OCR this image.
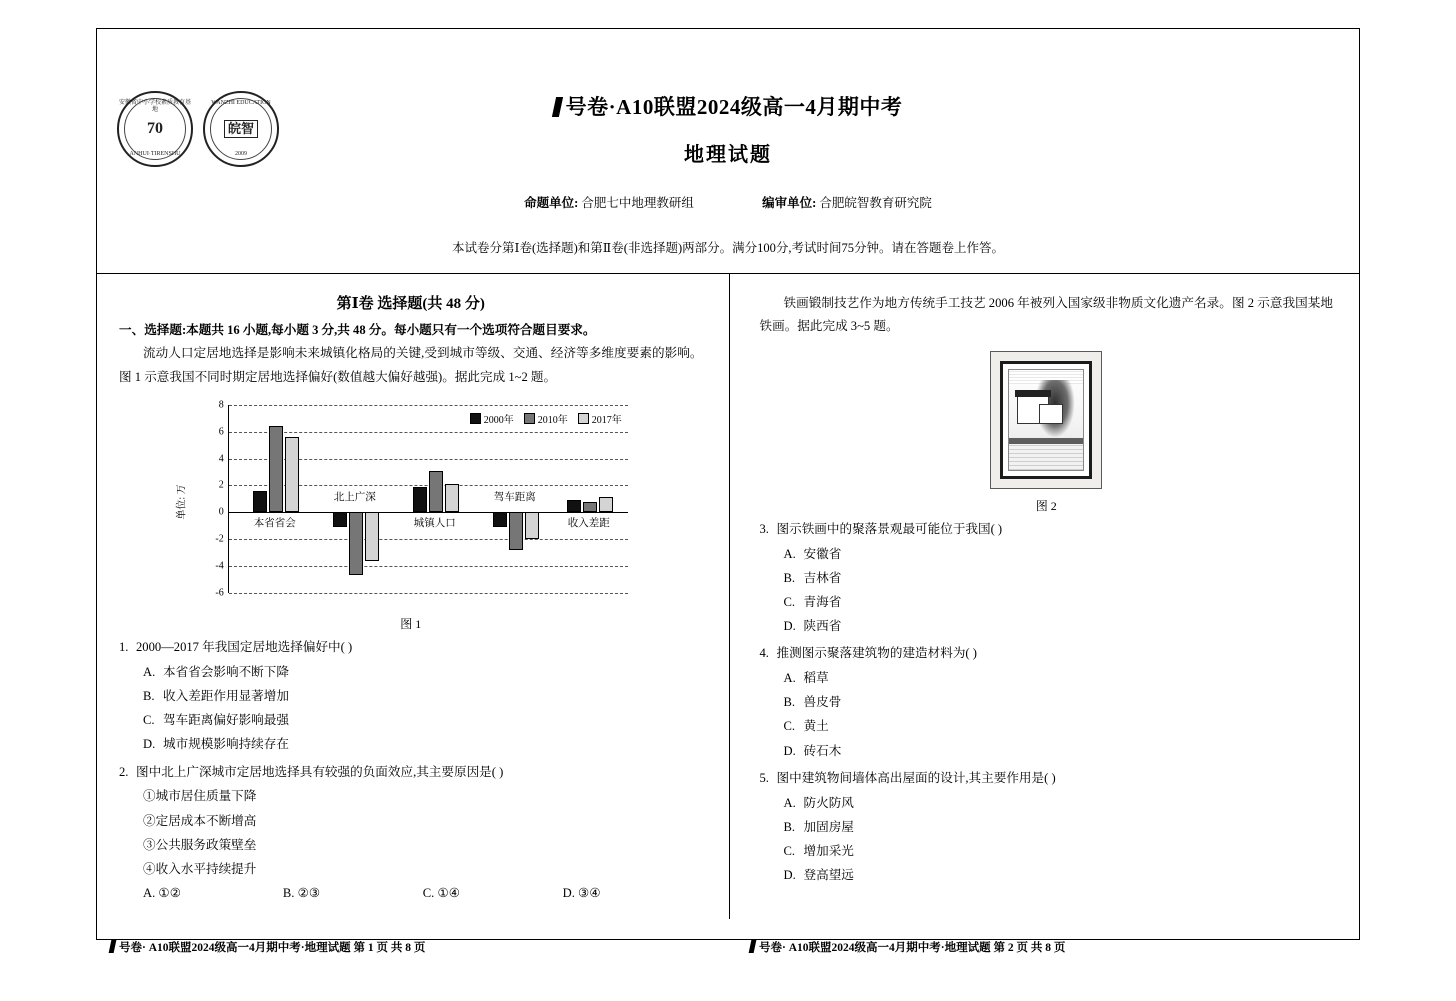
安徽省中小学校素质教育基地
70
ANHUI·TIRENSHU
WANZHI EDUCATION
皖智
2009
号卷·A10联盟2024级高一4月期中考
地理试题
命题单位: 合肥七中地理教研组	编审单位: 合肥皖智教育研究院
本试卷分第Ⅰ卷(选择题)和第Ⅱ卷(非选择题)两部分。满分100分,考试时间75分钟。请在答题卷上作答。
第Ⅰ卷 选择题(共 48 分)
一、选择题:本题共 16 小题,每小题 3 分,共 48 分。每小题只有一个选项符合题目要求。
流动人口定居地选择是影响未来城镇化格局的关键,受到城市等级、交通、经济等多维度要素的影响。图 1 示意我国不同时期定居地选择偏好(数值越大偏好越强)。据此完成 1~2 题。
单位: 万
8
6
4
2
0
-2
-4
-6
2000年 2010年 2017年
本省省会
北上广深
城镇人口
驾车距离
收入差距
图 1
1. 2000—2017 年我国定居地选择偏好中( )
A. 本省省会影响不断下降
B. 收入差距作用显著增加
C. 驾车距离偏好影响最强
D. 城市规模影响持续存在
2. 图中北上广深城市定居地选择具有较强的负面效应,其主要原因是( )
①城市居住质量下降
②定居成本不断增高
③公共服务政策壁垒
④收入水平持续提升
A. ①②	B. ②③	C. ①④	D. ③④
铁画锻制技艺作为地方传统手工技艺 2006 年被列入国家级非物质文化遗产名录。图 2 示意我国某地铁画。据此完成 3~5 题。
图 2
3. 图示铁画中的聚落景观最可能位于我国( )
A. 安徽省
B. 吉林省
C. 青海省
D. 陕西省
4. 推测图示聚落建筑物的建造材料为( )
A. 稻草
B. 兽皮骨
C. 黄土
D. 砖石木
5. 图中建筑物间墙体高出屋面的设计,其主要作用是( )
A. 防火防风
B. 加固房屋
C. 增加采光
D. 登高望远
号卷· A10联盟2024级高一4月期中考·地理试题 第 1 页 共 8 页	号卷· A10联盟2024级高一4月期中考·地理试题 第 2 页 共 8 页
